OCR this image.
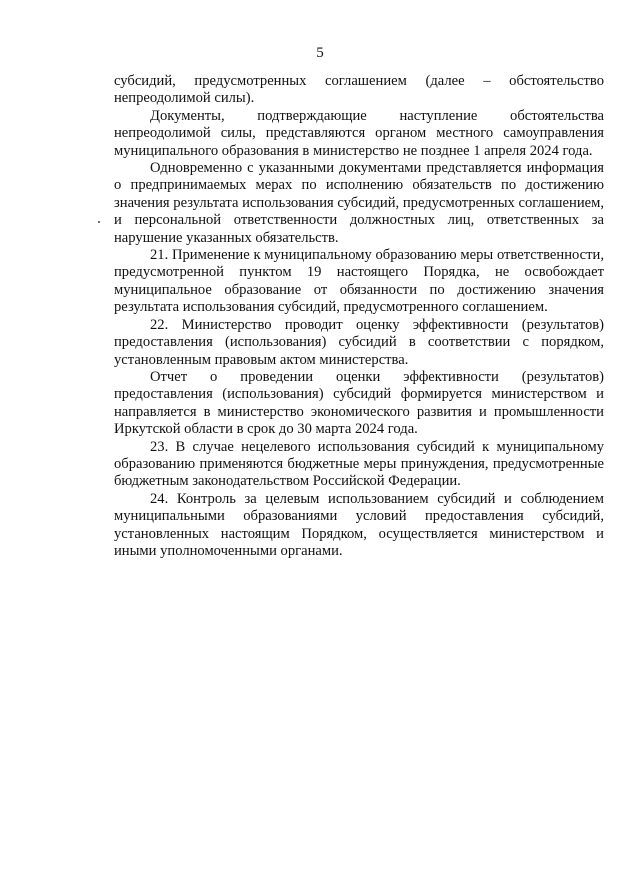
5

субсидий, предусмотренных соглашением (далее – обстоятельство непреодолимой силы).

Документы, подтверждающие наступление обстоятельства непреодолимой силы, представляются органом местного самоуправления муниципального образования в министерство не позднее 1 апреля 2024 года.

Одновременно с указанными документами представляется информация о предпринимаемых мерах по исполнению обязательств по достижению значения результата использования субсидий, предусмотренных соглашением, и персональной ответственности должностных лиц, ответственных за нарушение указанных обязательств.

21. Применение к муниципальному образованию меры ответственности, предусмотренной пунктом 19 настоящего Порядка, не освобождает муниципальное образование от обязанности по достижению значения результата использования субсидий, предусмотренного соглашением.

22. Министерство проводит оценку эффективности (результатов) предоставления (использования) субсидий в соответствии с порядком, установленным правовым актом министерства.

Отчет о проведении оценки эффективности (результатов) предоставления (использования) субсидий формируется министерством и направляется в министерство экономического развития и промышленности Иркутской области в срок до 30 марта 2024 года.

23. В случае нецелевого использования субсидий к муниципальному образованию применяются бюджетные меры принуждения, предусмотренные бюджетным законодательством Российской Федерации.

24. Контроль за целевым использованием субсидий и соблюдением муниципальными образованиями условий предоставления субсидий, установленных настоящим Порядком, осуществляется министерством и иными уполномоченными органами.
